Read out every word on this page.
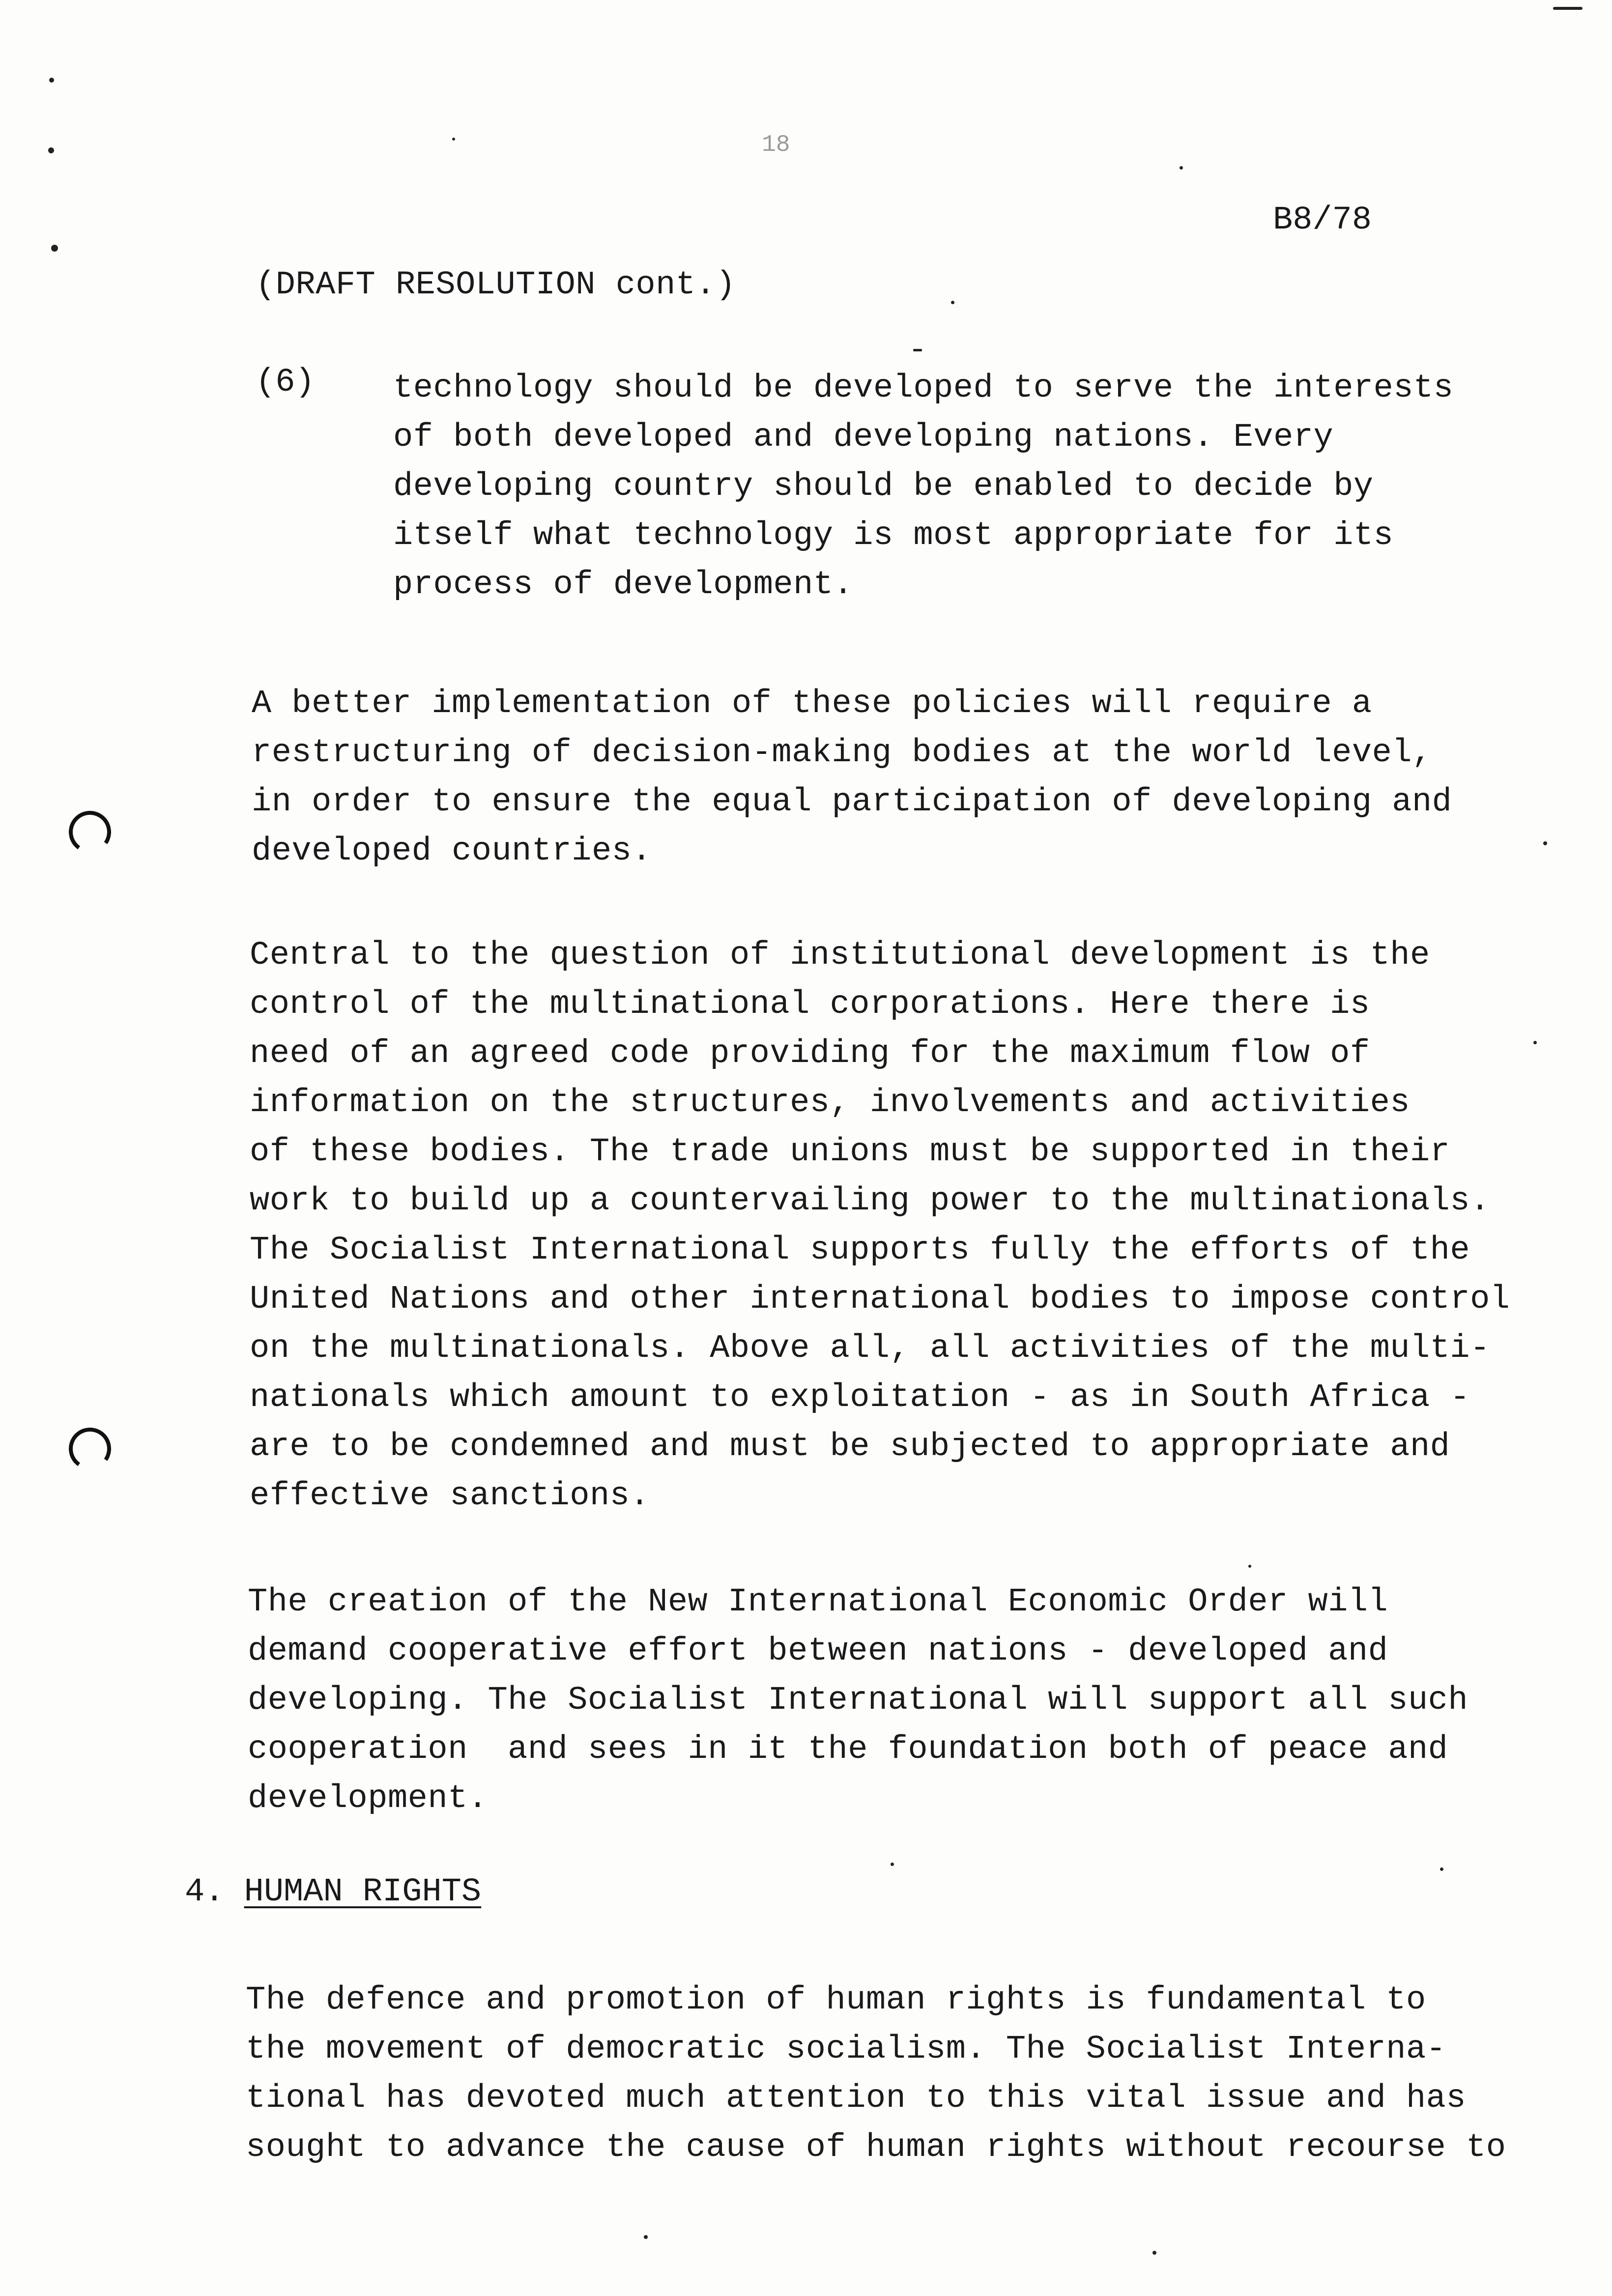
18
B8/78
(DRAFT RESOLUTION cont.)
(6) technology should be developed to serve the interests
of both developed and developing nations. Every
developing country should be enabled to decide by
itself what technology is most appropriate for its
process of development.
A better implementation of these policies will require a
restructuring of decision-making bodies at the world level,
in order to ensure the equal participation of developing and
developed countries.
Central to the question of institutional development is the
control of the multinational corporations. Here there is
need of an agreed code providing for the maximum flow of
information on the structures, involvements and activities
of these bodies. The trade unions must be supported in their
work to build up a countervailing power to the multinationals.
The Socialist International supports fully the efforts of the
United Nations and other international bodies to impose control
on the multinationals. Above all, all activities of the multi-
nationals which amount to exploitation - as in South Africa -
are to be condemned and must be subjected to appropriate and
effective sanctions.
The creation of the New International Economic Order will
demand cooperative effort between nations - developed and
developing. The Socialist International will support all such
cooperation  and sees in it the foundation both of peace and
development.
4. HUMAN RIGHTS
The defence and promotion of human rights is fundamental to
the movement of democratic socialism. The Socialist Interna-
tional has devoted much attention to this vital issue and has
sought to advance the cause of human rights without recourse to
